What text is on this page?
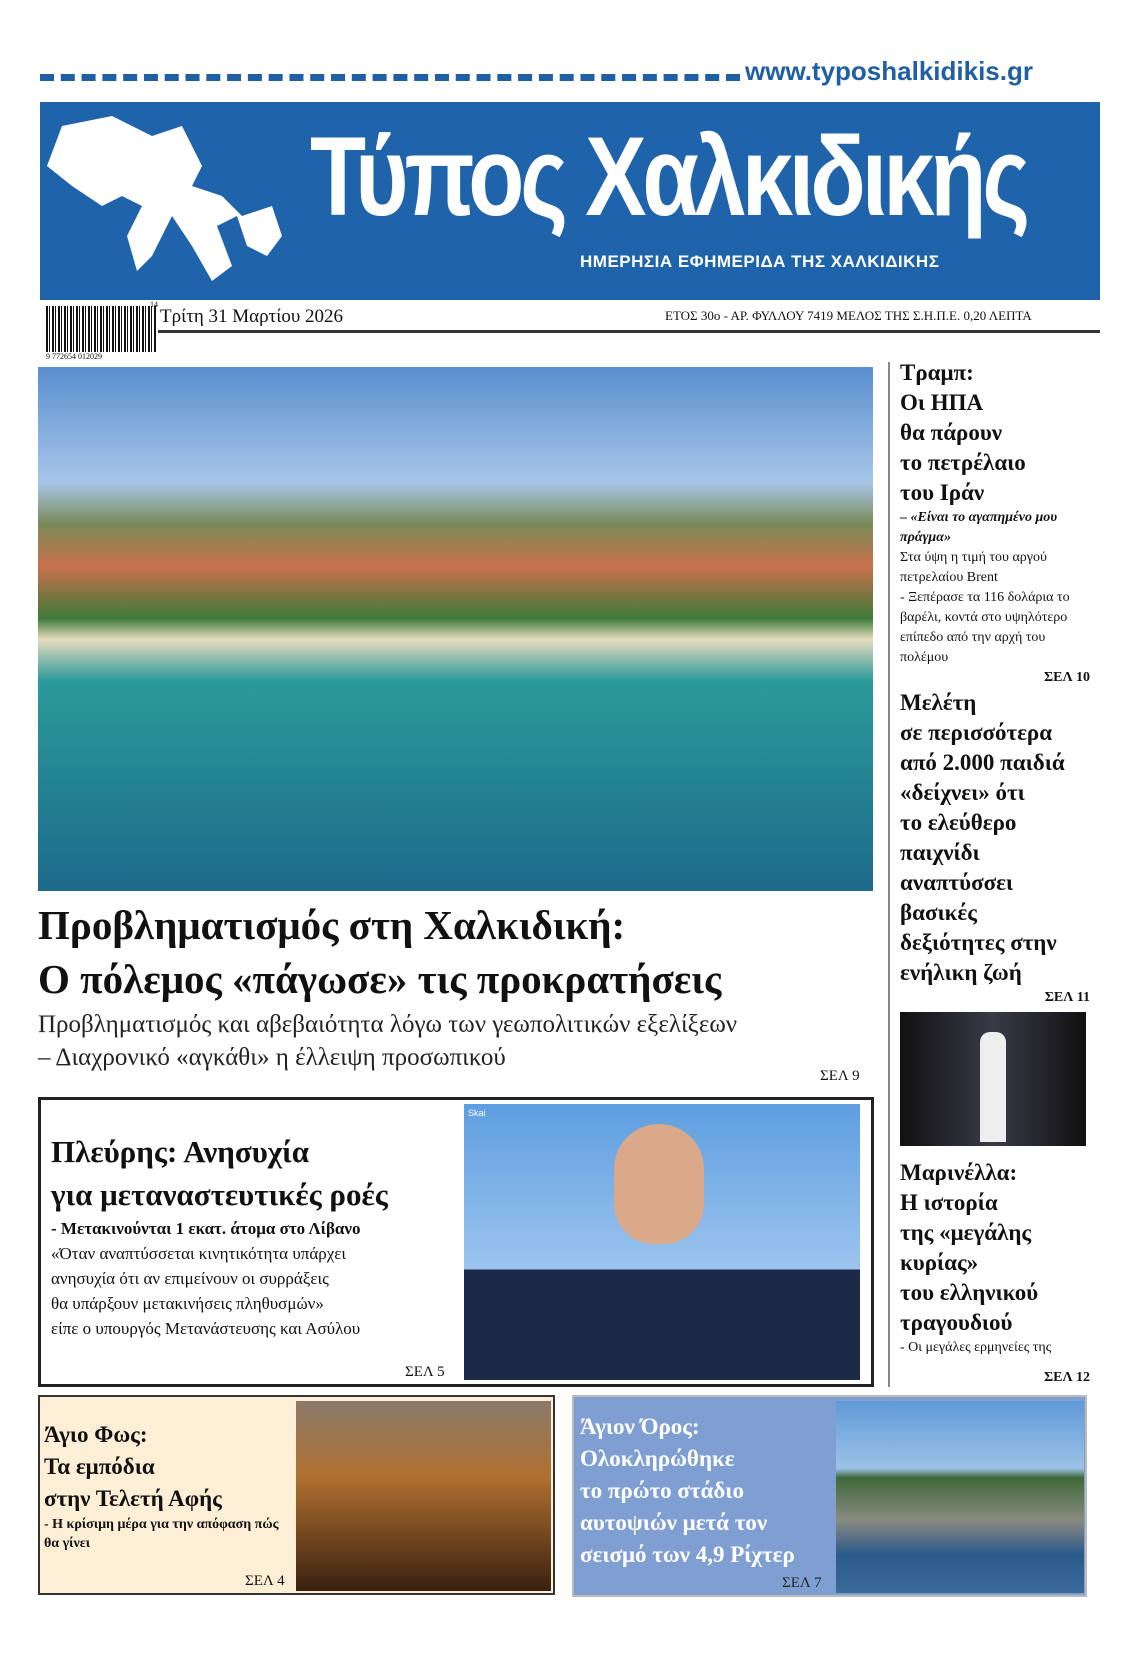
www.typoshalkidikis.gr
Τύπος Χαλκιδικής
ΗΜΕΡΗΣΙΑ ΕΦΗΜΕΡΙΔΑ ΤΗΣ ΧΑΛΚΙΔΙΚΗΣ
9 772654 012029
14
Τρίτη 31 Μαρτίου 2026	ΕΤΟΣ 30ο - ΑΡ. ΦΥΛΛΟΥ 7419 ΜΕΛΟΣ ΤΗΣ Σ.Η.Π.Ε. 0,20 ΛΕΠΤΑ
Προβληματισμός στη Χαλκιδική:
Ο πόλεμος «πάγωσε» τις προκρατήσεις
Προβληματισμός και αβεβαιότητα λόγω των γεωπολιτικών εξελίξεων
– Διαχρονικό «αγκάθι» η έλλειψη προσωπικού
ΣΕΛ 9
Τραμπ:
Οι ΗΠΑ
θα πάρουν
το πετρέλαιο
του Ιράν

– «Είναι το αγαπημένο μου πράγμα»

Στα ύψη η τιμή του αργού πετρελαίου Brent

- Ξεπέρασε τα 116 δολάρια το βαρέλι, κοντά στο υψηλότερο επίπεδο από την αρχή του πολέμου

ΣΕΛ 10

Μελέτη
σε περισσότερα
από 2.000 παιδιά
«δείχνει» ότι
το ελεύθερο
παιχνίδι
αναπτύσσει
βασικές
δεξιότητες στην
ενήλικη ζωή

ΣΕΛ 11

Μαρινέλλα:
Η ιστορία
της «μεγάλης
κυρίας»
του ελληνικού
τραγουδιού

- Οι μεγάλες ερμηνείες της

ΣΕΛ 12

Πλεύρης: Ανησυχία
για μεταναστευτικές ροές

- Μετακινούνται 1 εκατ. άτομα στο Λίβανο

«Όταν αναπτύσσεται κινητικότητα υπάρχει

ανησυχία ότι αν επιμείνουν οι συρράξεις

θα υπάρξουν μετακινήσεις πληθυσμών»

είπε ο υπουργός Μετανάστευσης και Ασύλου

ΣΕΛ 5
Skai
Άγιο Φως:
Τα εμπόδια
στην Τελετή Αφής

- Η κρίσιμη μέρα για την απόφαση πώς θα γίνει

ΣΕΛ 4
Άγιον Όρος:
Ολοκληρώθηκε
το πρώτο στάδιο
αυτοψιών μετά τον
σεισμό των 4,9 Ρίχτερ
ΣΕΛ 7
